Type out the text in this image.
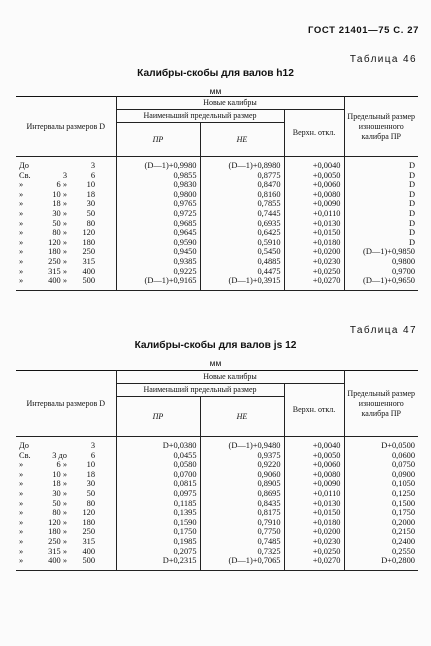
ГОСТ 21401—75 С. 27
Таблица 46
Калибры-скобы для валов h12
мм
Интервалы размеров D	Новые калибры			Предельный размер изношенного калибра ПР
	Наименьший предельный размер		Верхн. откл.	
	ПР	НЕ		

До 3	(D—1)+0,9980	(D—1)+0,8980	+0,0040	D

Св. 3 6	0,9855	0,8775	+0,0050	D

» 6 » 10	0,9830	0,8470	+0,0060	D

» 10 » 18	0,9800	0,8160	+0,0080	D

» 18 » 30	0,9765	0,7855	+0,0090	D

» 30 » 50	0,9725	0,7445	+0,0110	D

» 50 » 80	0,9685	0,6935	+0,0130	D

» 80 » 120	0,9645	0,6425	+0,0150	D

» 120 » 180	0,9590	0,5910	+0,0180	D

» 180 » 250	0,9450	0,5450	+0,0200	(D—1)+0,9850

» 250 » 315	0,9385	0,4885	+0,0230	0,9800

» 315 » 400	0,9225	0,4475	+0,0250	0,9700

» 400 » 500	(D—1)+0,9165	(D—1)+0,3915	+0,0270	(D—1)+0,9650
Таблица 47
Калибры-скобы для валов js 12
мм
Интервалы размеров D	Новые калибры			Предельный размер изношенного калибра ПР
	Наименьший предельный размер		Верхн. откл.	
	ПР	НЕ		

До 3	D+0,0380	(D—1)+0,9480	+0,0040	D+0,0500

Св. 3 до 6	0,0455	0,9375	+0,0050	0,0600

» 6 » 10	0,0580	0,9220	+0,0060	0,0750

» 10 » 18	0,0700	0,9060	+0,0080	0,0900

» 18 » 30	0,0815	0,8905	+0,0090	0,1050

» 30 » 50	0,0975	0,8695	+0,0110	0,1250

» 50 » 80	0,1185	0,8435	+0,0130	0,1500

» 80 » 120	0,1395	0,8175	+0,0150	0,1750

» 120 » 180	0,1590	0,7910	+0,0180	0,2000

» 180 » 250	0,1750	0,7750	+0,0200	0,2150

» 250 » 315	0,1985	0,7485	+0,0230	0,2400

» 315 » 400	0,2075	0,7325	+0,0250	0,2550

» 400 » 500	D+0,2315	(D—1)+0,7065	+0,0270	D+0,2800
